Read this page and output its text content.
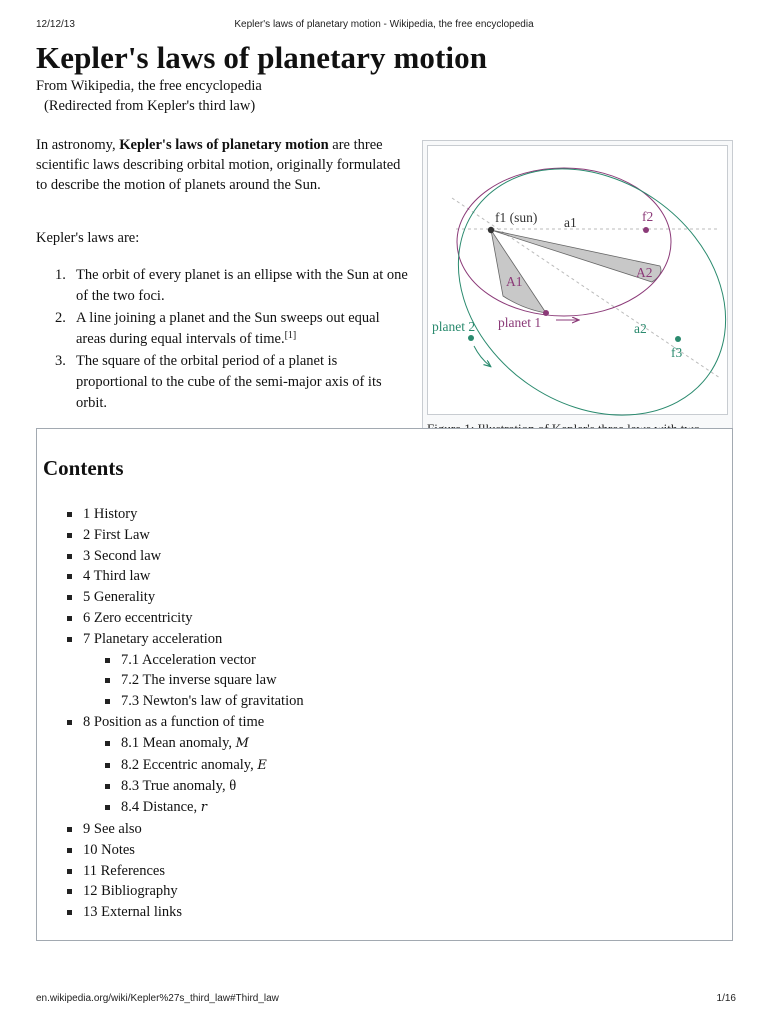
12/12/13	Kepler's laws of planetary motion - Wikipedia, the free encyclopedia
Kepler's laws of planetary motion
From Wikipedia, the free encyclopedia
(Redirected from Kepler's third law)
In astronomy, Kepler's laws of planetary motion are three scientific laws describing orbital motion, originally formulated to describe the motion of planets around the Sun.
Kepler's laws are:
1. The orbit of every planet is an ellipse with the Sun at one of the two foci.
2. A line joining a planet and the Sun sweeps out equal areas during equal intervals of time.[1]
3. The square of the orbital period of a planet is proportional to the cube of the semi-major axis of its orbit.
f1 (sun) a1	f2
A2
A1
planet 2 planet 1	a2
f3

Contents
1 History
2 First Law
3 Second law
4 Third law
5 Generality
6 Zero eccentricity
7 Planetary acceleration
7.1 Acceleration vector
7.2 The inverse square law
7.3 Newton's law of gravitation
8 Position as a function of time
8.1 Mean anomaly, M
8.2 Eccentric anomaly, E
8.3 True anomaly, θ
8.4 Distance, r
9 See also
10 Notes
11 References
12 Bibliography
13 External links
en.wikipedia.org/wiki/Kepler%27s_third_law#Third_law	1/16
